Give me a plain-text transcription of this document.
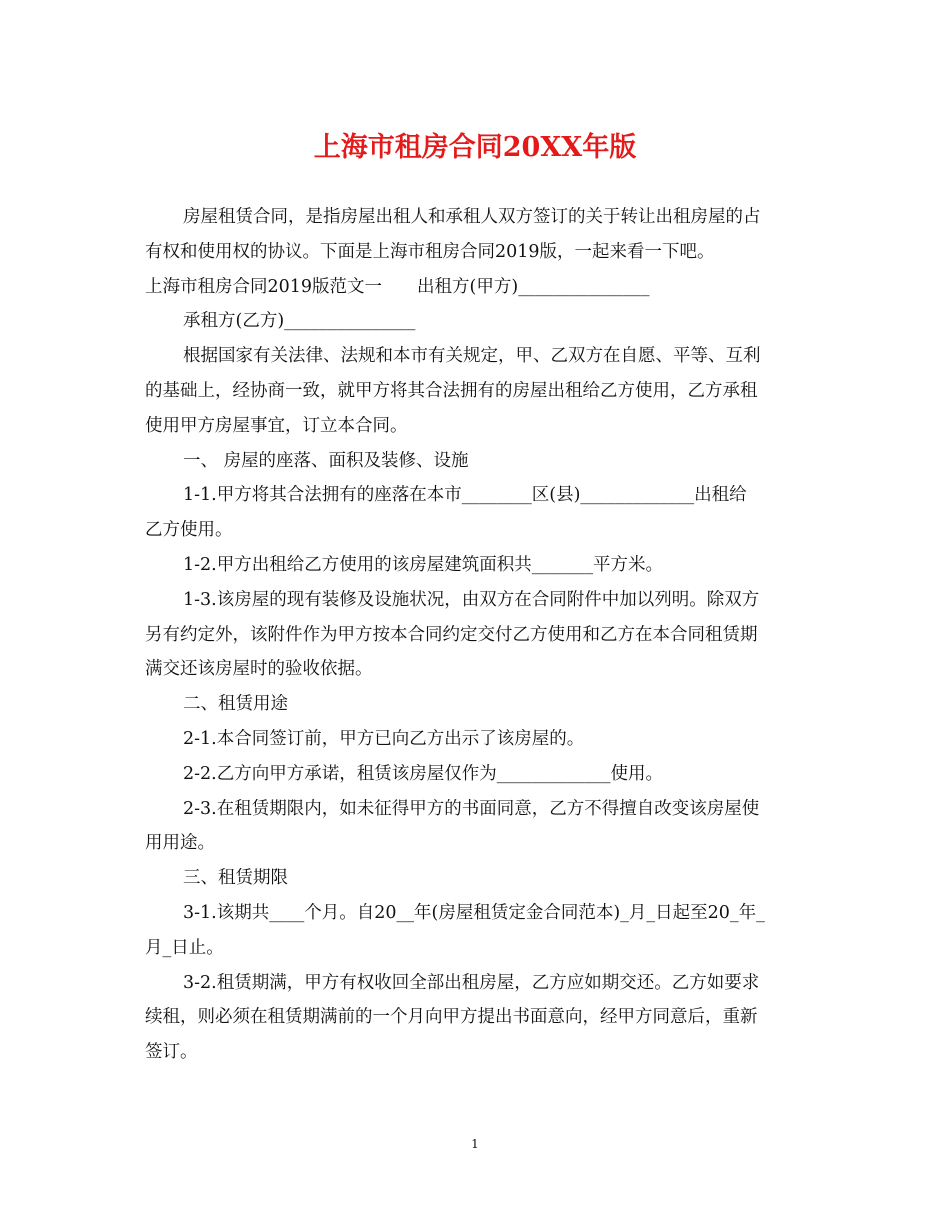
上海市租房合同20XX年版

房屋租赁合同，是指房屋出租人和承租人双方签订的关于转让出租房屋的占

有权和使用权的协议。下面是上海市租房合同2019版，一起来看一下吧。

上海市租房合同2019版范文一　　出租方(甲方)_______________

承租方(乙方)_______________

根据国家有关法律、法规和本市有关规定，甲、乙双方在自愿、平等、互利

的基础上，经协商一致，就甲方将其合法拥有的房屋出租给乙方使用，乙方承租

使用甲方房屋事宜，订立本合同。

一、 房屋的座落、面积及装修、设施

1-1.甲方将其合法拥有的座落在本市________区(县)_____________出租给

乙方使用。

1-2.甲方出租给乙方使用的该房屋建筑面积共_______平方米。

1-3.该房屋的现有装修及设施状况，由双方在合同附件中加以列明。除双方

另有约定外，该附件作为甲方按本合同约定交付乙方使用和乙方在本合同租赁期

满交还该房屋时的验收依据。

二、租赁用途

2-1.本合同签订前，甲方已向乙方出示了该房屋的。

2-2.乙方向甲方承诺，租赁该房屋仅作为_____________使用。

2-3.在租赁期限内，如未征得甲方的书面同意，乙方不得擅自改变该房屋使

用用途。

三、租赁期限

3-1.该期共____个月。自20__年(房屋租赁定金合同范本)_月_日起至20_年_

月_日止。

3-2.租赁期满，甲方有权收回全部出租房屋，乙方应如期交还。乙方如要求

续租，则必须在租赁期满前的一个月向甲方提出书面意向，经甲方同意后，重新

签订。

1
